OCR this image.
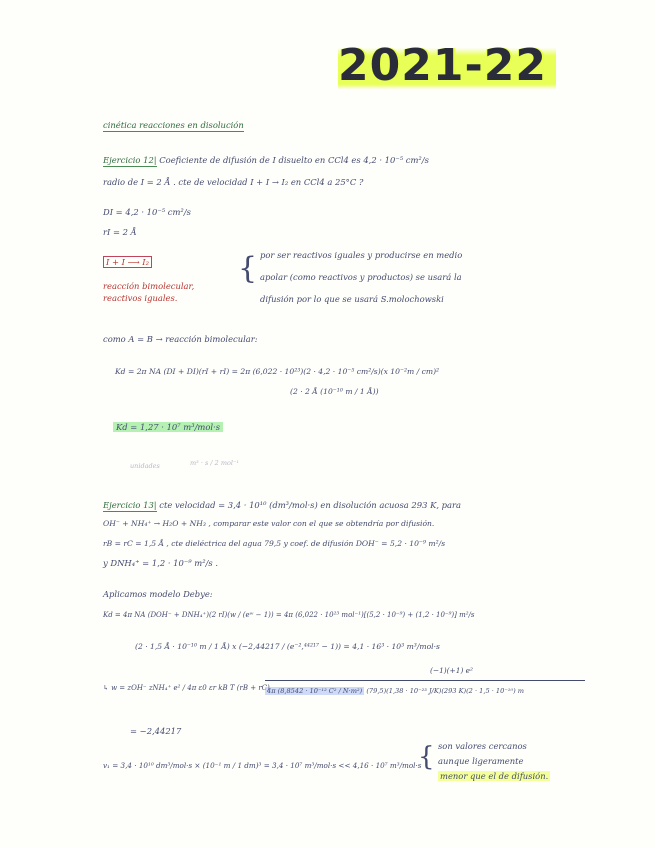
2021-22
cinética reacciones en disolución
Ejercicio 12| Coeficiente de difusión de I disuelto en CCl4 es 4,2 · 10⁻⁵ cm²/s
radio de I = 2 Å . cte de velocidad I + I → I₂ en CCl4 a 25°C ?
DI = 4,2 · 10⁻⁵ cm²/s
rI = 2 Å
I + I ⟶ I₂
reacción bimolecular,
reactivos iguales.
{ por ser reactivos iguales y producirse en medio
apolar (como reactivos y productos) se usará la
difusión por lo que se usará S.molochowski
como A = B → reacción bimolecular:
Kd = 2π NA (DI + DI)(rI + rI) = 2π (6,022 · 10²³)(2 · 4,2 · 10⁻⁵ cm²/s)(x 10⁻²m / cm)²
(2 · 2 Å (10⁻¹⁰ m / 1 Å))
Kd = 1,27 · 10⁷ m³/mol·s
unidades	m³ · s / 2 mol⁻¹
Ejercicio 13| cte velocidad = 3,4 · 10¹⁰ (dm³/mol·s) en disolución acuosa 293 K, para
OH⁻ + NH₄⁺ → H₂O + NH₃ , comparar este valor con el que se obtendría por difusión.
rB = rC = 1,5 Å , cte dieléctrica del agua 79,5 y coef. de difusión DOH⁻ = 5,2 · 10⁻⁹ m²/s
y DNH₄⁺ = 1,2 · 10⁻⁹ m²/s .
Aplicamos modelo Debye:
Kd = 4π NA (DOH⁻ + DNH₄⁺)(2 rI)(w / (eʷ − 1)) = 4π (6,022 · 10²³ mol⁻¹)[(5,2 · 10⁻⁹) + (1,2 · 10⁻⁹)] m²/s
(2 · 1,5 Å · 10⁻¹⁰ m / 1 Å) x (−2,44217 / (e⁻²,⁴⁴²¹⁷ − 1)) = 4,1 · 16³ · 10³ m³/mol·s
↳ w = zOH⁻ zNH₄⁺ e² / 4π ε0 εr kB T (rB + rC)
(−1)(+1) e²
4π (8,8542 · 10⁻¹² C² / N·m²) (79,5)(1,38 · 10⁻²³ J/K)(293 K)(2 · 1,5 · 10⁻¹⁰) m
= −2,44217
v₁ = 3,4 · 10¹⁰ dm³/mol·s × (10⁻¹ m / 1 dm)³ = 3,4 · 10⁷ m³/mol·s << 4,16 · 10⁷ m³/mol·s
{ son valores cercanos
aunque ligeramente
menor que el de difusión.
